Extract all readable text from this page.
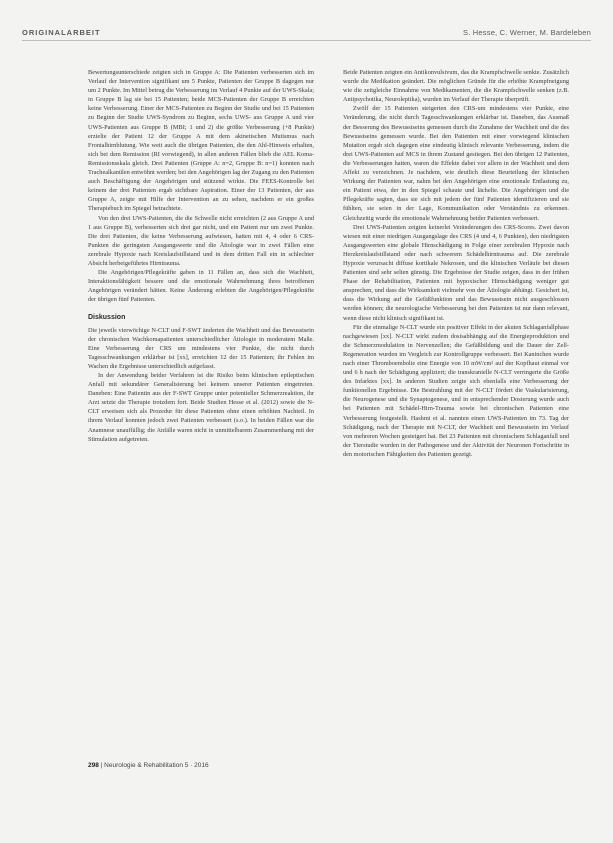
ORIGINALARBEIT	S. Hesse, C. Werner, M. Bardeleben

Bewertungsunterschiede zeigten sich in Gruppe A: Die Patienten verbesserten sich im Verlauf der Intervention signifikant um 5 Punkte, Patienten der Gruppe B dagegen nur um 2 Punkte. Im Mittel betrug die Verbesserung im Verlauf 4 Punkte auf der UWS-Skala; in Gruppe B lag sie bei 15 Patienten; beide MCS-Patienten der Gruppe B erreichten keine Verbesserung. Einer der MCS-Patienten zu Beginn der Studie und bei 15 Patienten zu Beginn der Studie UWS-Syndrom zu Beginn, sechs UWS- aus Gruppe A und vier UWS-Patienten aus Gruppe B (MBI; 1 und 2) die größte Verbesserung (+8 Punkte) erzielte der Patient 12 der Gruppe A mit dem akinetischen Mutismus nach Frontalhirnblutung. Wie weit auch die übrigen Patienten, die den Ahl-Hinweis erhalten, sich bei dem Remission (RI vorwiegend), in allen anderen Fällen blieb die AEL Koma-Remissionsskala gleich. Drei Patienten (Gruppe A: n=2, Gruppe B: n=1) konnten nach Trachealkanülen entwöhnt werden; bei den Angehörigen lag der Zugang zu den Patienten auch Beschäftigung der Angehörigen und stützend wirkte. Die FEES-Kontrolle bei keinem der drei Patienten ergab sichtbare Aspiration. Einer der 13 Patienten, der aus Gruppe A, zeigte mit Hilfe der Intervention an zu sehen, nachdem er ein großes Therapiebuch im Spiegel betrachtete.

Von den drei UWS-Patienten, die die Schwelle nicht erreichten (2 aus Gruppe A und 1 aus Gruppe B), verbesserten sich drei gar nicht, und ein Patient nur um zwei Punkte. Die drei Patienten, die keine Verbesserung aufwiesen, hatten mit 4, 4 oder 6 CRS-Punkten die geringsten Ausgangswerte und die Ätiologie war in zwei Fällen eine zerebrale Hypoxie nach Kreislaufstillstand und in dem dritten Fall ein in schlechter Absicht herbeigeführtes Hirntrauma.

Die Angehörigen/Pflegekräfte gaben in 11 Fällen an, dass sich die Wachheit, Interaktionsfähigkeit bessere und die emotionale Wahrnehmung ihres betroffenen Angehörigen verändert hätten. Keine Änderung erlebten die Angehörigen/Pflegekräfte der übrigen fünf Patienten.

Diskussion

Die jeweils vierwöchige N-CLT und F-SWT änderten die Wachheit und das Bewusstsein der chronischen Wachkomapatienten unterschiedlicher Ätiologie in moderatem Maße. Eine Verbesserung der CRS um mindestens vier Punkte, die nicht durch Tagesschwankungen erklärbar ist [xx], erreichten 12 der 15 Patienten; ihr Fehlen im Wachen die Ergebnisse unterschiedlich aufgefasst.

In der Anwendung beider Verfahren ist die Risiko beim klinischen epileptischen Anfall mit sekundärer Generalisierung bei keinem unserer Patienten eingetreten. Daneben: Eine Patientin aus der F-SWT Gruppe unter potentieller Schmerzreaktion, ihr Arzt setzte die Therapie trotzdem fort. Beide Studien Hesse et al. (2012) sowie die N-CLT erweisen sich als Prozedur für diese Patienten ohne einen erhöhten Nachteil. In ihrem Verlauf konnten jedoch zwei Patienten verbessert (s.o.). In beiden Fällen war die Anamnese unauffällig; die Anfälle waren nicht in unmittelbarem Zusammenhang mit der Stimulation aufgetreten.

Beide Patienten zeigten ein Antikonvulsivum, das die Krampfschwelle senkte. Zusätzlich wurde die Medikation geändert. Die möglichen Gründe für die erhöhte Krampfneigung wie die zeitgleiche Einnahme von Medikamenten, die die Krampfschwelle senken (z.B. Antipsychotika, Neuroleptika), wurden im Verlauf der Therapie überprüft.

Zwölf der 15 Patienten steigerten den CRS-um mindestens vier Punkte, eine Veränderung, die nicht durch Tagesschwankungen erklärbar ist. Daneben, das Ausmaß der Besserung des Bewusstseins gemessen durch die Zunahme der Wachheit und die des Bewusstseins gemessen wurde. Bei den Patienten mit einer vorwiegend klinischen Mutation ergab sich dagegen eine eindeutig klinisch relevante Verbesserung, indem die drei UWS-Patienten auf MCS in ihrem Zustand gestiegen. Bei den übrigen 12 Patienten, die Verbesserungen hatten, waren die Effekte dabei vor allem in der Wachheit und dem Affekt zu verzeichnen. Je nachdem, wie deutlich diese Beurteilung der klinischen Wirkung der Patienten war, nahm bei den Angehörigen eine emotionale Entlastung zu, ein Patient etwa, der in den Spiegel schaute und lächelte. Die Angehörigen und die Pflegekräfte sagten, dass sie sich mit jedem der fünf Patienten identifizieren und sie fühlten, sie seien in der Lage, Kommunikation oder Verständnis zu erkennen. Gleichzeitig wurde die emotionale Wahrnehmung beider Patienten verbessert.

Drei UWS-Patienten zeigten keinerlei Veränderungen des CRS-Scores. Zwei davon wiesen mit einer niedrigen Ausgangslage des CRS (4 und 4, 6 Punkten), den niedrigsten Ausgangswerten eine globale Hirnschädigung in Folge einer zerebralen Hypoxie nach Herzkreislaufstillstand oder nach schwerem Schädelhirntrauma auf. Die zerebrale Hypoxie verursacht diffuse kortikale Nekrosen, und die klinischen Verläufe bei diesen Patienten sind sehr selten günstig. Die Ergebnisse der Studie zeigen, dass in der frühen Phase der Rehabilitation, Patienten mit hypoxischer Hirnschädigung weniger gut ansprechen, und dass die Wirksamkeit vielmehr von der Ätiologie abhängt. Gesichert ist, dass die Wirkung auf die Gefäßfunktion und das Bewusstsein nicht ausgeschlossen werden können; die neurologische Verbesserung bei den Patienten ist nur dann relevant, wenn diese nicht klinisch signifikant ist.

Für die einmalige N-CLT wurde ein positiver Effekt in der akuten Schlaganfallphase nachgewiesen [xx]. N-CLT wirkt zudem dosisabhängig auf die Energieproduktion und die Schmerzmodulation in Nervenzellen; die Gefäßbildung und die Dauer der Zell-Regeneration wurden im Vergleich zur Kontrollgruppe verbessert. Bei Kaninchen wurde nach einer Thromboembolie eine Energie von 10 mW/cm² auf der Kopfhaut einmal vor und 6 h nach der Schädigung appliziert; die transkranielle N-CLT verringerte die Größe des Infarktes [xx]. In anderen Studien zeigte sich ebenfalls eine Verbesserung der funktionellen Ergebnisse. Die Bestrahlung mit der N-CLT fördert die Vaskularisierung, die Neurogenese und die Synaptogenese, und in entsprechender Dosierung wurde auch bei Patienten mit Schädel-Hirn-Trauma sowie bei chronischen Patienten eine Verbesserung festgestellt. Hashmi et al. nannten einen UWS-Patienten im 73. Tag der Schädigung, nach der Therapie mit N-CLT, der Wachheit und Bewusstsein im Verlauf von mehreren Wochen gesteigert hat. Bei 23 Patienten mit chronischem Schlaganfall und der Tierstudie wurden in der Pathogenese und der Aktivität der Neuronen Fortschritte in den motorischen Fähigkeiten des Patienten gezeigt.

298 | Neurologie & Rehabilitation 5 · 2016
